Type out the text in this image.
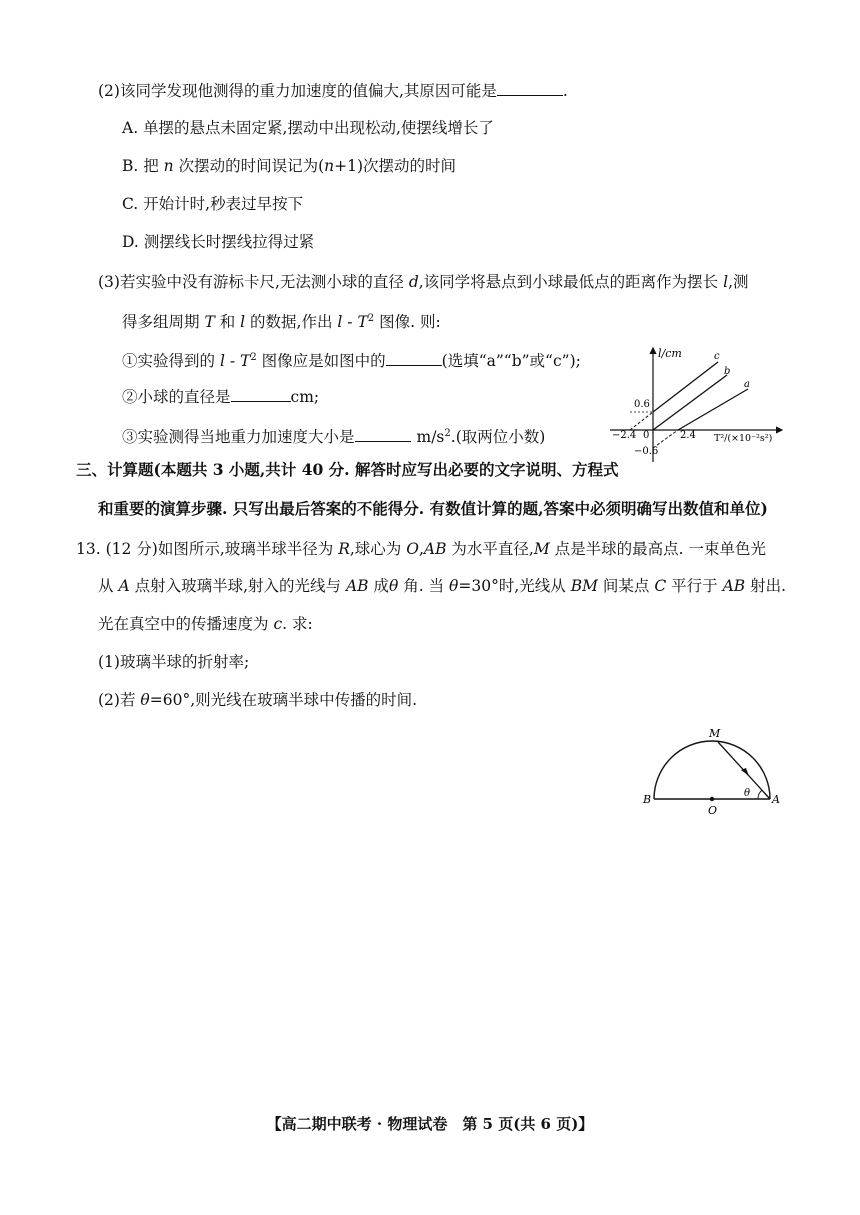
(2)该同学发现他测得的重力加速度的值偏大,其原因可能是	.
A. 单摆的悬点未固定紧,摆动中出现松动,使摆线增长了
B. 把 n 次摆动的时间误记为(n+1)次摆动的时间
C. 开始计时,秒表过早按下
D. 测摆线长时摆线拉得过紧
(3)若实验中没有游标卡尺,无法测小球的直径 d,该同学将悬点到小球最低点的距离作为摆长 l,测
得多组周期 T 和 l 的数据,作出 l - $T^2$ 图像. 则:
①实验得到的 l - $T^2$ 图像应是如图中的	(选填“a”“b”或“c”);
②小球的直径是	cm;
③实验测得当地重力加速度大小是	$m/s^2$.(取两位小数)
l/cm
T²/(×10⁻²s²)
0
0.6
−0.6
−2.4	2.4
c
b
a
三、计算题(本题共 3 小题,共计 40 分. 解答时应写出必要的文字说明、方程式
和重要的演算步骤. 只写出最后答案的不能得分. 有数值计算的题,答案中必须明确写出数值和单位)
13. (12 分)如图所示,玻璃半球半径为 R,球心为 O,AB 为水平直径,M 点是半球的最高点. 一束单色光
从 A 点射入玻璃半球,射入的光线与 AB 成θ 角. 当 θ=30°时,光线从 BM 间某点 C 平行于 AB 射出.
光在真空中的传播速度为 c. 求:
(1)玻璃半球的折射率;
(2)若 θ=60°,则光线在玻璃半球中传播的时间.
M
B
O
A
θ
【高二期中联考 · 物理试卷　第 5 页(共 6 页)】
